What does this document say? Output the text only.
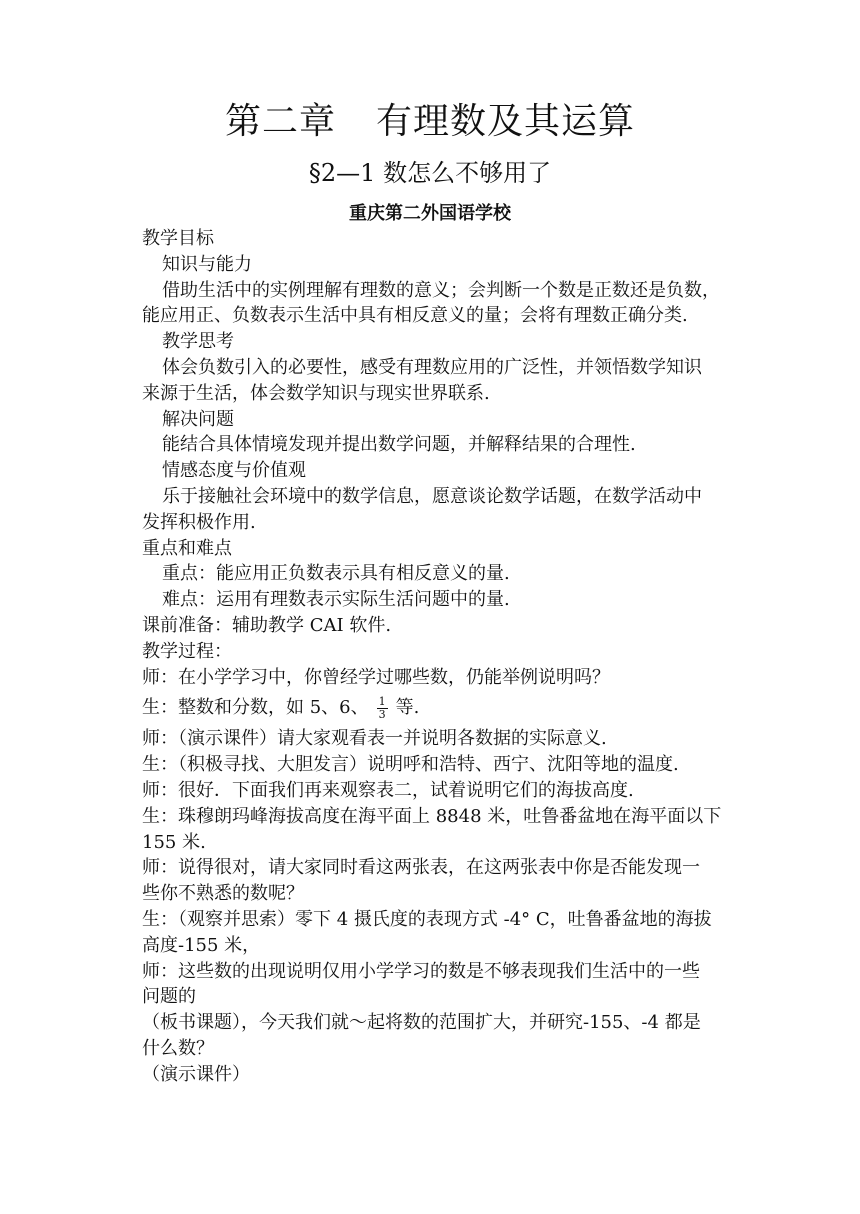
第二章 有理数及其运算
§2—1 数怎么不够用了
重庆第二外国语学校

教学目标

知识与能力

借助生活中的实例理解有理数的意义；会判断一个数是正数还是负数，

能应用正、负数表示生活中具有相反意义的量；会将有理数正确分类.

教学思考

体会负数引入的必要性，感受有理数应用的广泛性，并领悟数学知识

来源于生活，体会数学知识与现实世界联系.

解决问题

能结合具体情境发现并提出数学问题，并解释结果的合理性.

情感态度与价值观

乐于接触社会环境中的数学信息，愿意谈论数学话题，在数学活动中

发挥积极作用.

重点和难点

重点：能应用正负数表示具有相反意义的量.

难点：运用有理数表示实际生活问题中的量.

课前准备：辅助教学 CAI 软件.

教学过程：

师：在小学学习中，你曾经学过哪些数，仍能举例说明吗？

生：整数和分数，如 5、6、 $\frac{1}{3}$ 等.

师：（演示课件）请大家观看表一并说明各数据的实际意义.

生：（积极寻找、大胆发言）说明呼和浩特、西宁、沈阳等地的温度.

师：很好．下面我们再来观察表二，试着说明它们的海拔高度.

生：珠穆朗玛峰海拔高度在海平面上 8848 米，吐鲁番盆地在海平面以下

155 米.

师：说得很对，请大家同时看这两张表，在这两张表中你是否能发现一

些你不熟悉的数呢？

生：（观察并思索）零下 4 摄氏度的表现方式 -4° C，吐鲁番盆地的海拔

高度-155 米，

师：这些数的出现说明仅用小学学习的数是不够表现我们生活中的一些

问题的

（板书课题），今天我们就～起将数的范围扩大，并研究-155、-4 都是

什么数？

（演示课件）
